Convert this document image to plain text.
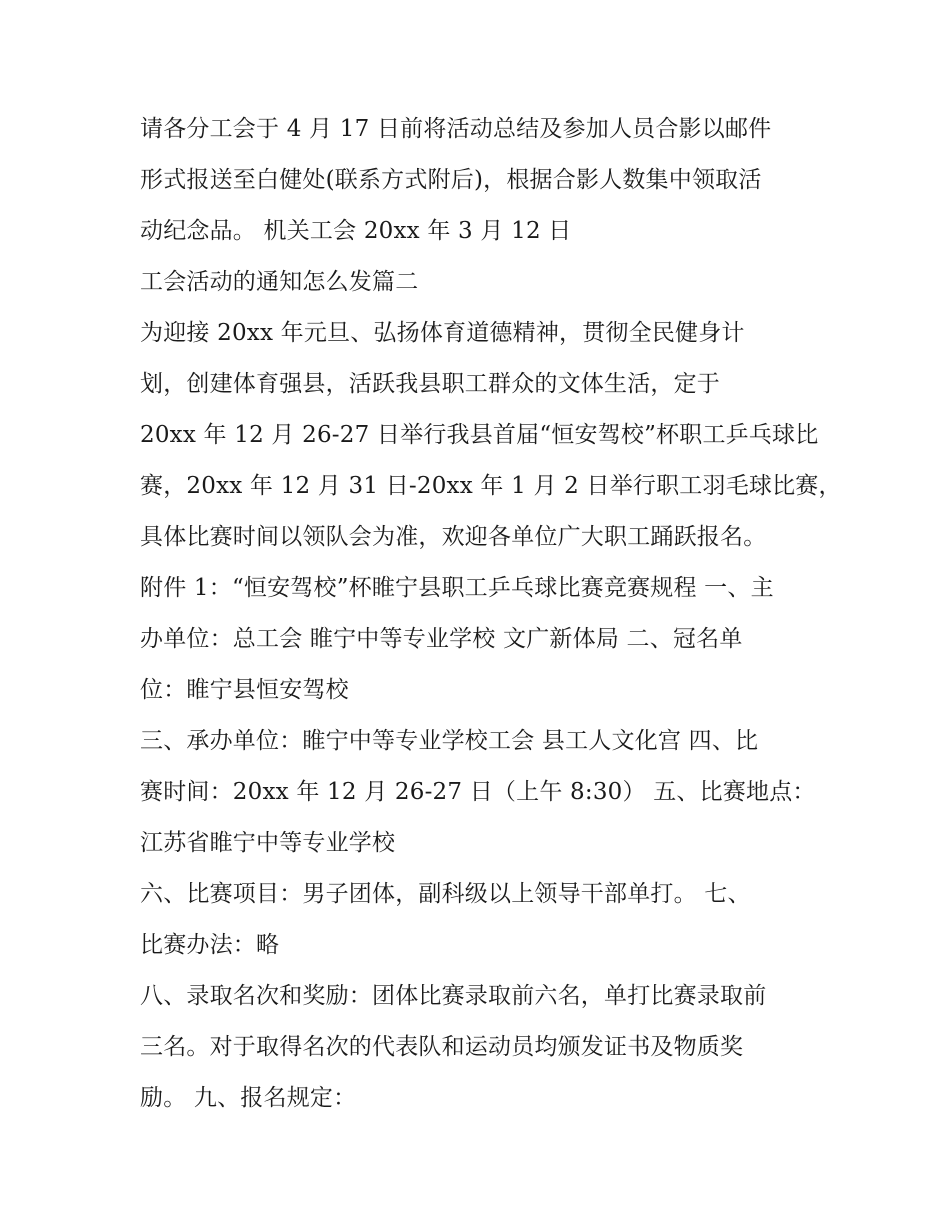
请各分工会于 4 月 17 日前将活动总结及参加人员合影以邮件
形式报送至白健处(联系方式附后)，根据合影人数集中领取活
动纪念品。 机关工会 20xx 年 3 月 12 日
工会活动的通知怎么发篇二
为迎接 20xx 年元旦、弘扬体育道德精神，贯彻全民健身计
划，创建体育强县，活跃我县职工群众的文体生活，定于
20xx 年 12 月 26-27 日举行我县首届“恒安驾校”杯职工乒乓球比
赛，20xx 年 12 月 31 日-20xx 年 1 月 2 日举行职工羽毛球比赛，
具体比赛时间以领队会为准，欢迎各单位广大职工踊跃报名。
附件 1：“恒安驾校”杯睢宁县职工乒乓球比赛竞赛规程 一、主
办单位：总工会 睢宁中等专业学校 文广新体局 二、冠名单
位：睢宁县恒安驾校
三、承办单位：睢宁中等专业学校工会 县工人文化宫 四、比
赛时间：20xx 年 12 月 26-27 日（上午 8:30） 五、比赛地点：
江苏省睢宁中等专业学校
六、比赛项目：男子团体，副科级以上领导干部单打。 七、
比赛办法：略
八、录取名次和奖励：团体比赛录取前六名，单打比赛录取前
三名。对于取得名次的代表队和运动员均颁发证书及物质奖
励。 九、报名规定：
